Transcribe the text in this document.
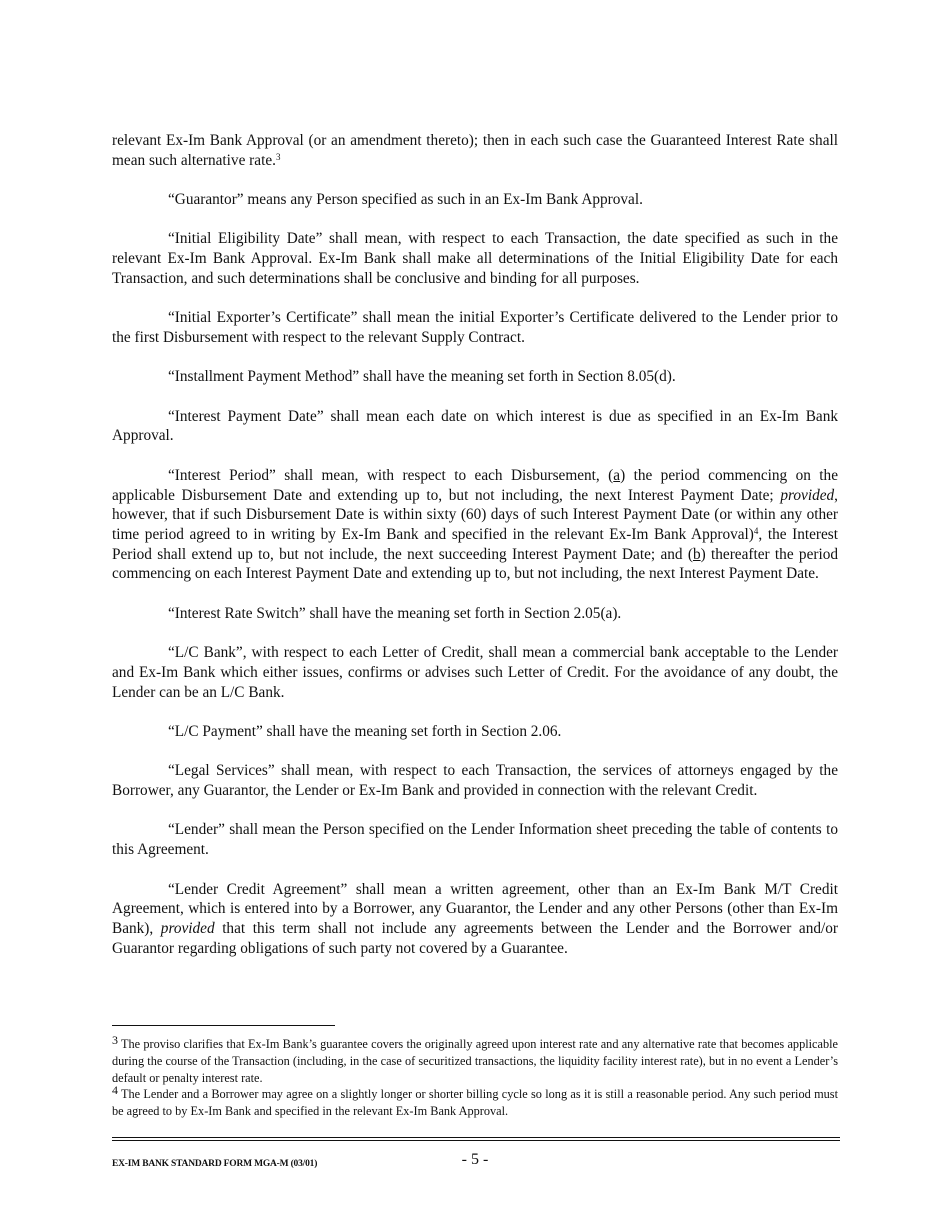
relevant Ex-Im Bank Approval (or an amendment thereto); then in each such case the Guaranteed Interest Rate shall mean such alternative rate.$^3$

“Guarantor” means any Person specified as such in an Ex-Im Bank Approval.

“Initial Eligibility Date” shall mean, with respect to each Transaction, the date specified as such in the relevant Ex-Im Bank Approval. Ex-Im Bank shall make all determinations of the Initial Eligibility Date for each Transaction, and such determinations shall be conclusive and binding for all purposes.

“Initial Exporter’s Certificate” shall mean the initial Exporter’s Certificate delivered to the Lender prior to the first Disbursement with respect to the relevant Supply Contract.

“Installment Payment Method” shall have the meaning set forth in Section 8.05(d).

“Interest Payment Date” shall mean each date on which interest is due as specified in an Ex-Im Bank Approval.

“Interest Period” shall mean, with respect to each Disbursement, (a) the period commencing on the applicable Disbursement Date and extending up to, but not including, the next Interest Payment Date; provided, however, that if such Disbursement Date is within sixty (60) days of such Interest Payment Date (or within any other time period agreed to in writing by Ex-Im Bank and specified in the relevant Ex-Im Bank Approval)$^4$, the Interest Period shall extend up to, but not include, the next succeeding Interest Payment Date; and (b) thereafter the period commencing on each Interest Payment Date and extending up to, but not including, the next Interest Payment Date.

“Interest Rate Switch” shall have the meaning set forth in Section 2.05(a).

“L/C Bank”, with respect to each Letter of Credit, shall mean a commercial bank acceptable to the Lender and Ex-Im Bank which either issues, confirms or advises such Letter of Credit. For the avoidance of any doubt, the Lender can be an L/C Bank.

“L/C Payment” shall have the meaning set forth in Section 2.06.

“Legal Services” shall mean, with respect to each Transaction, the services of attorneys engaged by the Borrower, any Guarantor, the Lender or Ex-Im Bank and provided in connection with the relevant Credit.

“Lender” shall mean the Person specified on the Lender Information sheet preceding the table of contents to this Agreement.

“Lender Credit Agreement” shall mean a written agreement, other than an Ex-Im Bank M/T Credit Agreement, which is entered into by a Borrower, any Guarantor, the Lender and any other Persons (other than Ex-Im Bank), provided that this term shall not include any agreements between the Lender and the Borrower and/or Guarantor regarding obligations of such party not covered by a Guarantee.

3 The proviso clarifies that Ex-Im Bank’s guarantee covers the originally agreed upon interest rate and any alternative rate that becomes applicable during the course of the Transaction (including, in the case of securitized transactions, the liquidity facility interest rate), but in no event a Lender’s default or penalty interest rate.

4 The Lender and a Borrower may agree on a slightly longer or shorter billing cycle so long as it is still a reasonable period. Any such period must be agreed to by Ex-Im Bank and specified in the relevant Ex-Im Bank Approval.

EX-IM BANK STANDARD FORM MGA-M (03/01)	- 5 -
